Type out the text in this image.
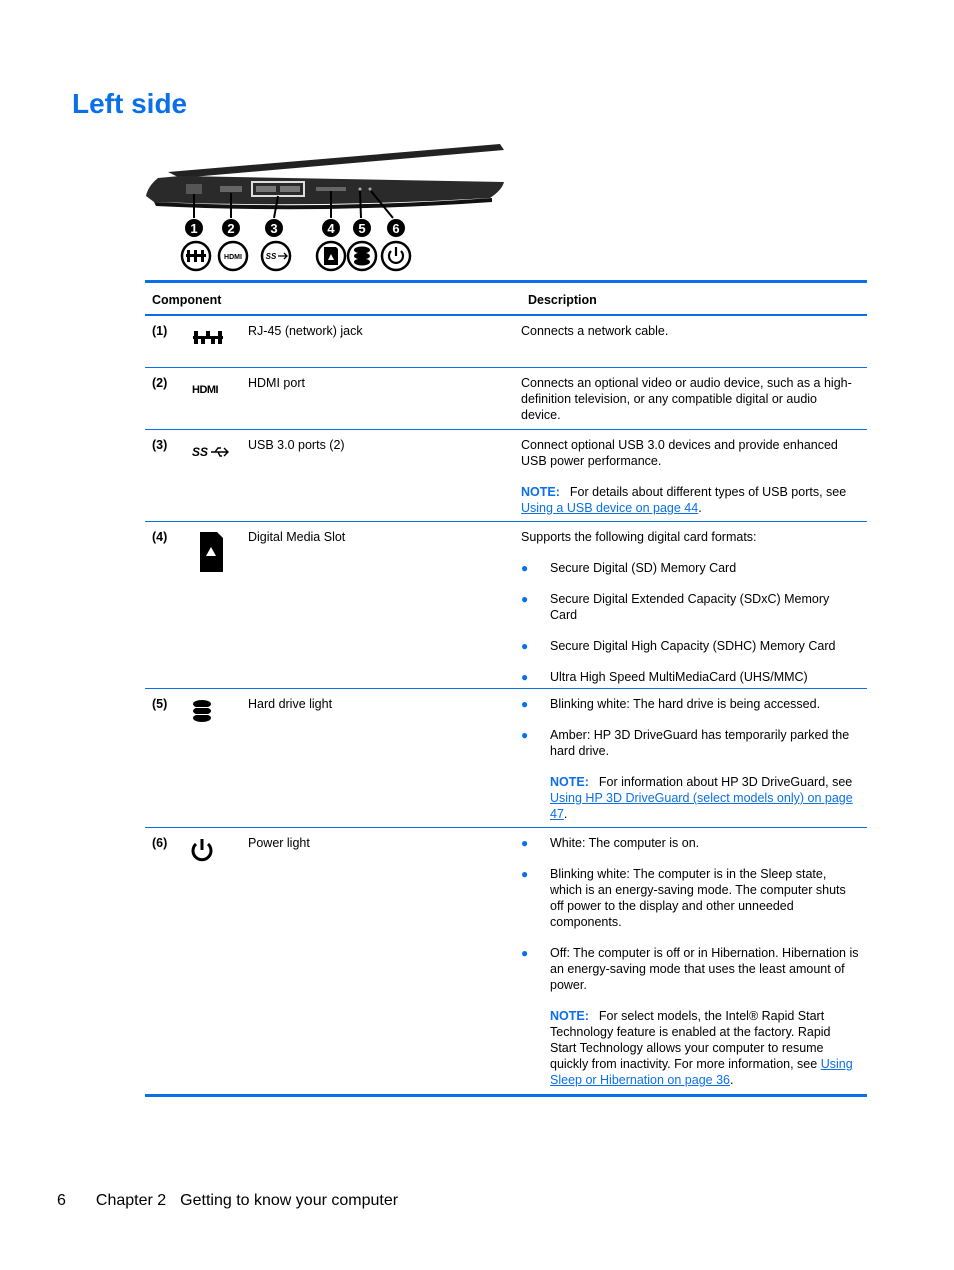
Left side
1 2	3	4 5 6
HDMI	SS
Component	Description
(1)	RJ-45 (network) jack	Connects a network cable.

(2)	HDMI HDMI port	Connects an optional video or audio device, such as a high-definition television, or any compatible digital or audio device.

(3)	SS	USB 3.0 ports (2)	Connect optional USB 3.0 devices and provide enhanced USB power performance.

NOTE: For details about different types of USB ports, see Using a USB device on page 44.

(4)	Digital Media Slot	Supports the following digital card formats:

●	Secure Digital (SD) Memory Card
●	Secure Digital Extended Capacity (SDxC) Memory Card
●	Secure Digital High Capacity (SDHC) Memory Card
●	Ultra High Speed MultiMediaCard (UHS/MMC)
(5)	Hard drive light	●	Blinking white: The hard drive is being accessed.
●	Amber: HP 3D DriveGuard has temporarily parked the hard drive.

NOTE: For information about HP 3D DriveGuard, see Using HP 3D DriveGuard (select models only) on page 47.

(6)	Power light	●	White: The computer is on.
●	Blinking white: The computer is in the Sleep state, which is an energy-saving mode. The computer shuts off power to the display and other unneeded components.
●	Off: The computer is off or in Hibernation. Hibernation is an energy-saving mode that uses the least amount of power.

NOTE: For select models, the Intel® Rapid Start Technology feature is enabled at the factory. Rapid Start Technology allows your computer to resume quickly from inactivity. For more information, see Using Sleep or Hibernation on page 36.

6 Chapter 2 Getting to know your computer
